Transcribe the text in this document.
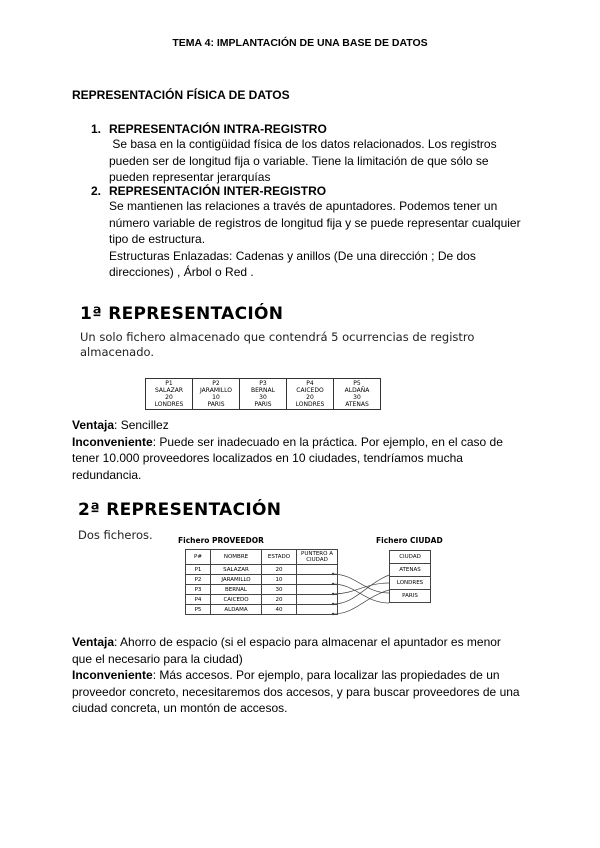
TEMA 4: IMPLANTACIÓN DE UNA BASE DE DATOS
REPRESENTACIÓN FÍSICA DE DATOS
1. REPRESENTACIÓN INTRA-REGISTRO
Se basa en la contigüidad física de los datos relacionados. Los registros
pueden ser de longitud fija o variable. Tiene la limitación de que sólo se
pueden representar jerarquías
2. REPRESENTACIÓN INTER-REGISTRO
Se mantienen las relaciones a través de apuntadores. Podemos tener un
número variable de registros de longitud fija y se puede representar cualquier
tipo de estructura.
Estructuras Enlazadas: Cadenas y anillos (De una dirección ; De dos
direcciones) , Árbol o Red .
1ª REPRESENTACIÓN
Un solo fichero almacenado que contendrá 5 ocurrencias de registro
almacenado.
P1
SALAZAR
20
LONDRES

P2
JARAMILLO
10
PARIS

P3
BERNAL
30
PARIS

P4
CAICEDO
20
LONDRES

P5
ALDAÑA
30
ATENAS
Ventaja: Sencillez
Inconveniente: Puede ser inadecuado en la práctica. Por ejemplo, en el caso de
tener 10.000 proveedores localizados en 10 ciudades, tendríamos mucha
redundancia.
2ª REPRESENTACIÓN
Dos ficheros.	Fichero PROVEEDOR	Fichero CIUDAD
P#	NOMBRE	ESTADO	PUNTERO A CIUDAD
P1	SALAZAR	20	
P2	JARAMILLO	10	
P3	BERNAL	30	
P4	CAICEDO	20	
P5	ALDAMA	40	
CIUDAD
ATENAS
LONDRES
PARIS
Ventaja: Ahorro de espacio (si el espacio para almacenar el apuntador es menor
que el necesario para la ciudad)
Inconveniente: Más accesos. Por ejemplo, para localizar las propiedades de un
proveedor concreto, necesitaremos dos accesos, y para buscar proveedores de una
ciudad concreta, un montón de accesos.
